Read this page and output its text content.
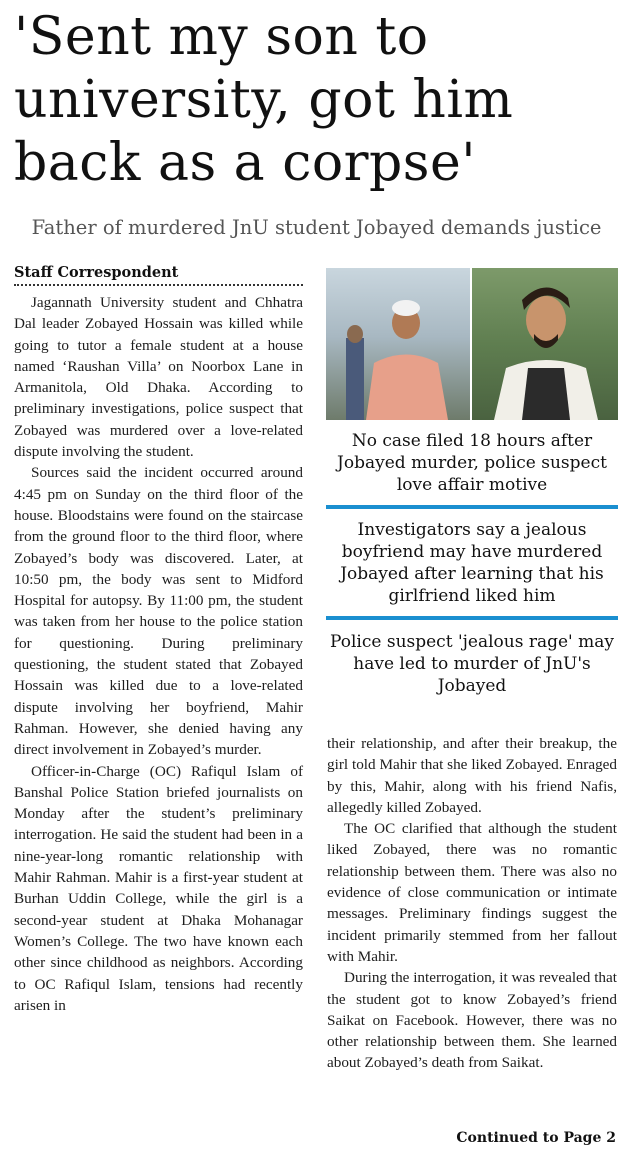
'Sent my son to university, got him back as a corpse'
Father of murdered JnU student Jobayed demands justice
Staff Correspondent

Jagannath University student and Chhatra Dal leader Zobayed Hossain was killed while going to tutor a female student at a house named ‘Raushan Villa’ on Noorbox Lane in Armanitola, Old Dhaka. According to preliminary investigations, police suspect that Zobayed was murdered over a love-related dispute involving the student.

Sources said the incident occurred around 4:45 pm on Sunday on the third floor of the house. Bloodstains were found on the staircase from the ground floor to the third floor, where Zobayed’s body was discovered. Later, at 10:50 pm, the body was sent to Midford Hospital for autopsy. By 11:00 pm, the student was taken from her house to the police station for questioning. During preliminary questioning, the student stated that Zobayed Hossain was killed due to a love-related dispute involving her boyfriend, Mahir Rahman. However, she denied having any direct involvement in Zobayed’s murder.

Officer-in-Charge (OC) Rafiqul Islam of Banshal Police Station briefed journalists on Monday after the student’s preliminary interrogation. He said the student had been in a nine-year-long romantic relationship with Mahir Rahman. Mahir is a first-year student at Burhan Uddin College, while the girl is a second-year student at Dhaka Mohanagar Women’s College. The two have known each other since childhood as neighbors. According to OC Rafiqul Islam, tensions had recently arisen in

No case filed 18 hours after Jobayed murder, police suspect love affair motive
Investigators say a jealous boyfriend may have murdered Jobayed after learning that his girlfriend liked him
Police suspect 'jealous rage' may have led to murder of JnU's Jobayed

their relationship, and after their breakup, the girl told Mahir that she liked Zobayed. Enraged by this, Mahir, along with his friend Nafis, allegedly killed Zobayed.

The OC clarified that although the student liked Zobayed, there was no romantic relationship between them. There was also no evidence of close communication or intimate messages. Preliminary findings suggest the incident primarily stemmed from her fallout with Mahir.

During the interrogation, it was revealed that the student got to know Zobayed’s friend Saikat on Facebook. However, there was no other relationship between them. She learned about Zobayed’s death from Saikat.

Continued to Page 2
